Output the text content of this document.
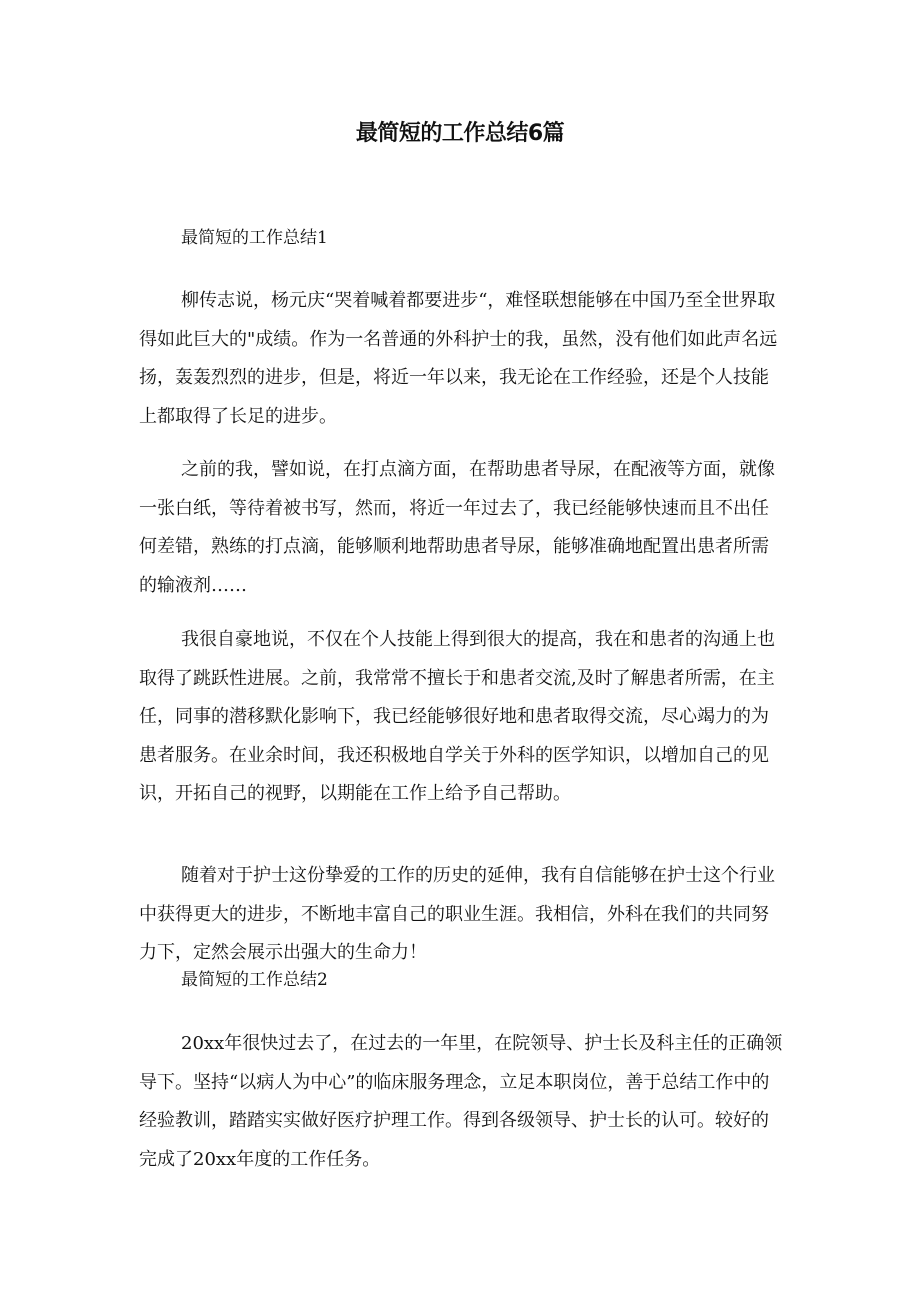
最简短的工作总结6篇

最简短的工作总结1

柳传志说，杨元庆“哭着喊着都要进步“，难怪联想能够在中国乃至全世界取得如此巨大的"成绩。作为一名普通的外科护士的我，虽然，没有他们如此声名远扬，轰轰烈烈的进步，但是，将近一年以来，我无论在工作经验，还是个人技能上都取得了长足的进步。

之前的我，譬如说，在打点滴方面，在帮助患者导尿，在配液等方面，就像一张白纸，等待着被书写，然而，将近一年过去了，我已经能够快速而且不出任何差错，熟练的打点滴，能够顺利地帮助患者导尿，能够准确地配置出患者所需的输液剂……

我很自豪地说，不仅在个人技能上得到很大的提高，我在和患者的沟通上也取得了跳跃性进展。之前，我常常不擅长于和患者交流,及时了解患者所需，在主任，同事的潜移默化影响下，我已经能够很好地和患者取得交流，尽心竭力的为患者服务。在业余时间，我还积极地自学关于外科的医学知识，以增加自己的见识，开拓自己的视野，以期能在工作上给予自己帮助。

随着对于护士这份挚爱的工作的历史的延伸，我有自信能够在护士这个行业中获得更大的进步，不断地丰富自己的职业生涯。我相信，外科在我们的共同努力下，定然会展示出强大的生命力！

最简短的工作总结2

20xx年很快过去了，在过去的一年里，在院领导、护士长及科主任的正确领导下。坚持“以病人为中心”的临床服务理念，立足本职岗位，善于总结工作中的经验教训，踏踏实实做好医疗护理工作。得到各级领导、护士长的认可。较好的完成了20xx年度的工作任务。
